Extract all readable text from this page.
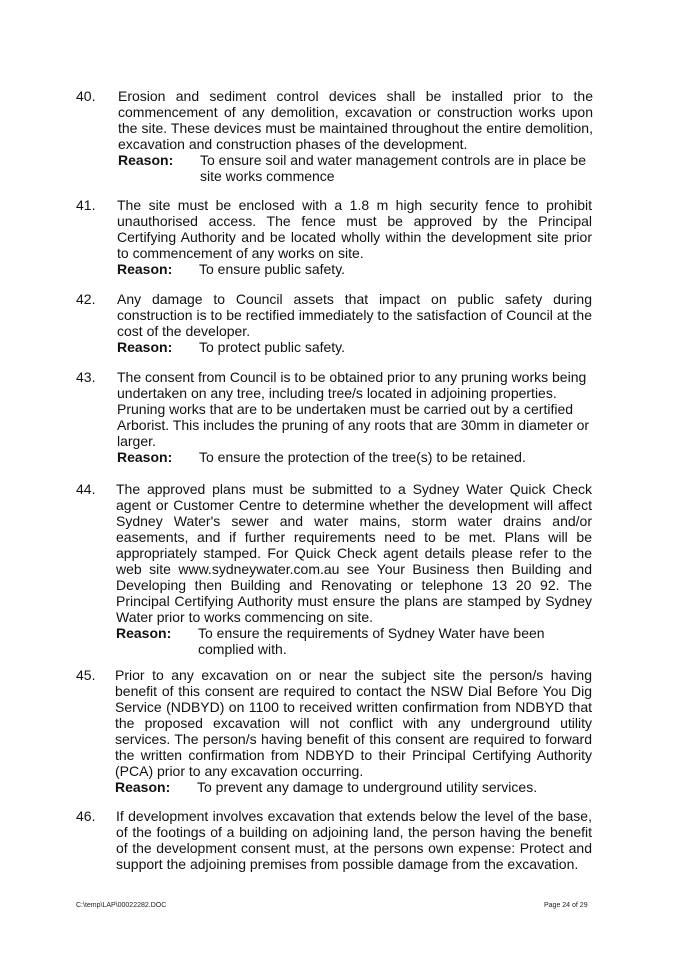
40.	Erosion and sediment control devices shall be installed prior to the commencement of any demolition, excavation or construction works upon the site. These devices must be maintained throughout the entire demolition, excavation and construction phases of the development.
Reason:	To ensure soil and water management controls are in place be site works commence
41.	The site must be enclosed with a 1.8 m high security fence to prohibit unauthorised access. The fence must be approved by the Principal Certifying Authority and be located wholly within the development site prior to commencement of any works on site.
Reason:	To ensure public safety.
42.	Any damage to Council assets that impact on public safety during construction is to be rectified immediately to the satisfaction of Council at the cost of the developer.
Reason:	To protect public safety.
43.	The consent from Council is to be obtained prior to any pruning works being undertaken on any tree, including tree/s located in adjoining properties. Pruning works that are to be undertaken must be carried out by a certified Arborist. This includes the pruning of any roots that are 30mm in diameter or larger.
Reason:	To ensure the protection of the tree(s) to be retained.
44.	The approved plans must be submitted to a Sydney Water Quick Check agent or Customer Centre to determine whether the development will affect Sydney Water's sewer and water mains, storm water drains and/or easements, and if further requirements need to be met. Plans will be appropriately stamped. For Quick Check agent details please refer to the web site www.sydneywater.com.au see Your Business then Building and Developing then Building and Renovating or telephone 13 20 92. The Principal Certifying Authority must ensure the plans are stamped by Sydney Water prior to works commencing on site.
Reason:	To ensure the requirements of Sydney Water have been complied with.
45.	Prior to any excavation on or near the subject site the person/s having benefit of this consent are required to contact the NSW Dial Before You Dig Service (NDBYD) on 1100 to received written confirmation from NDBYD that the proposed excavation will not conflict with any underground utility services. The person/s having benefit of this consent are required to forward the written confirmation from NDBYD to their Principal Certifying Authority (PCA) prior to any excavation occurring.
Reason:	To prevent any damage to underground utility services.
46.	If development involves excavation that extends below the level of the base, of the footings of a building on adjoining land, the person having the benefit of the development consent must, at the persons own expense: Protect and support the adjoining premises from possible damage from the excavation.
C:\temp\LAP\00022282.DOC	Page 24 of 29
